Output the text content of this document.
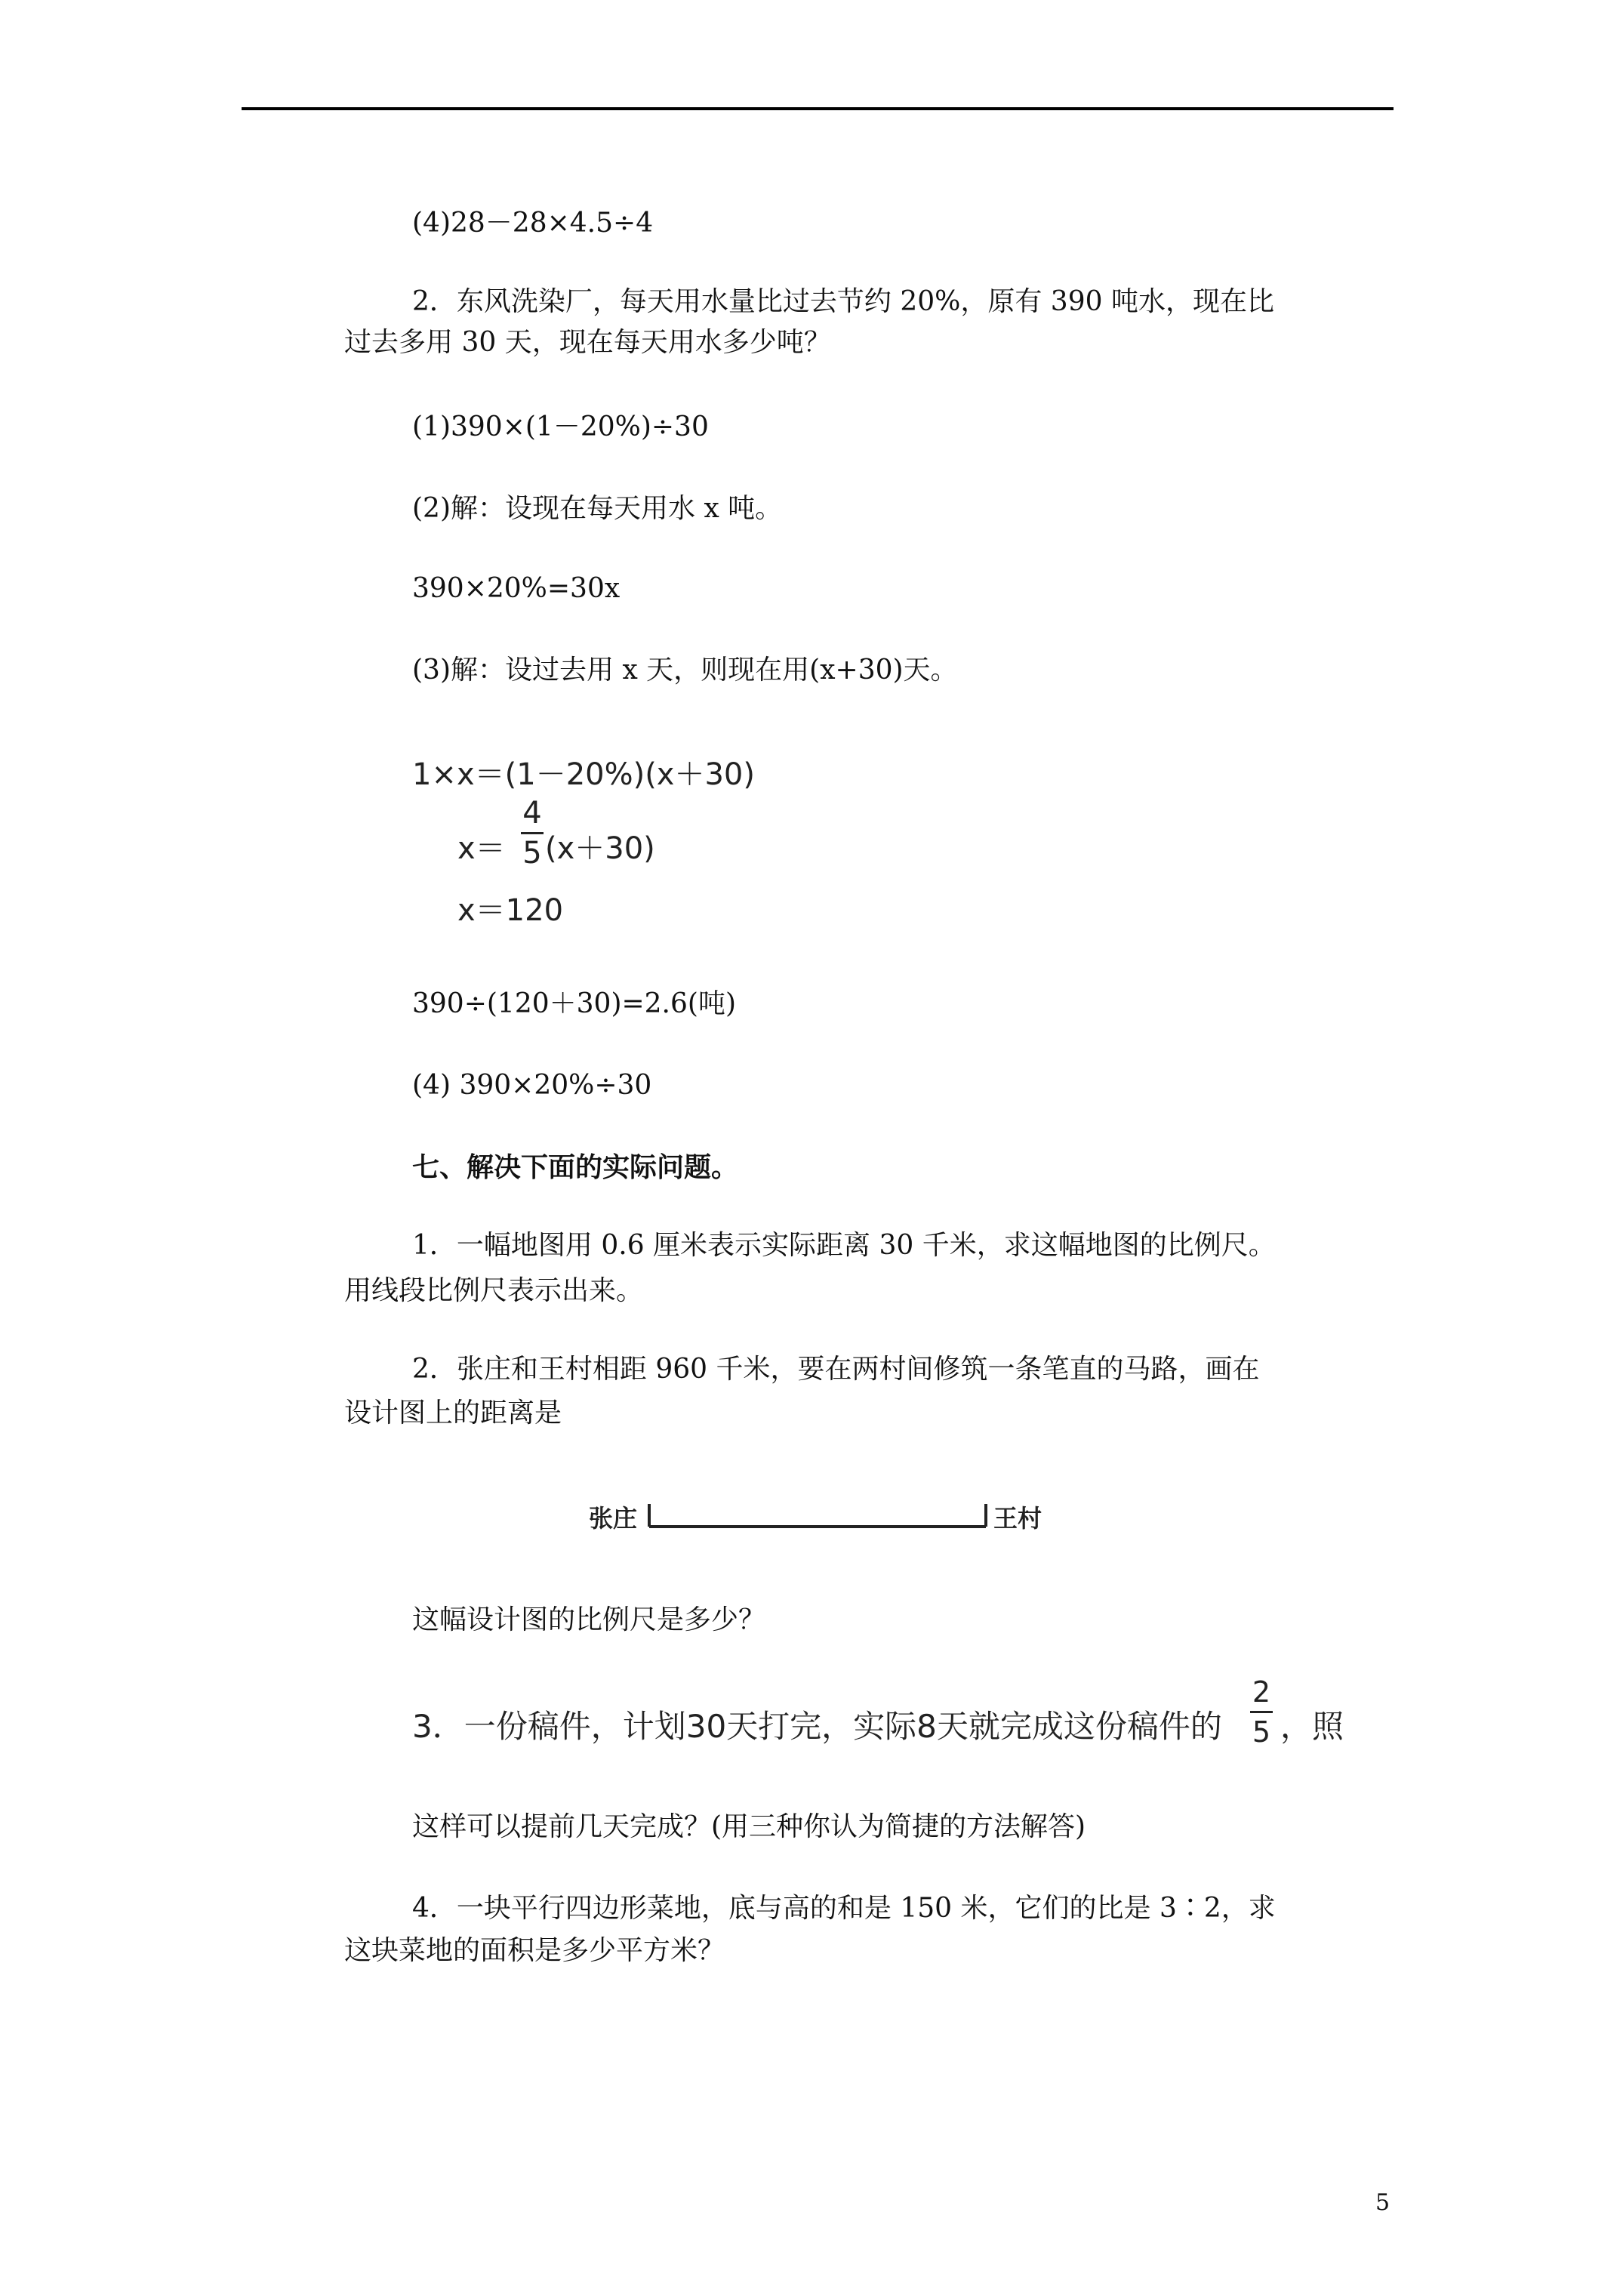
(4)28－28×4.5÷4
2．东风洗染厂，每天用水量比过去节约 20%，原有 390 吨水，现在比
过去多用 30 天，现在每天用水多少吨？
(1)390×(1－20%)÷30
(2)解：设现在每天用水 x 吨。
390×20%=30x
(3)解：设过去用 x 天，则现在用(x+30)天。
1×x＝(1－20%)(x＋30)
x＝
4
5 (x＋30)
x＝120
390÷(120＋30)=2.6(吨)
(4) 390×20%÷30
七、解决下面的实际问题。
1．一幅地图用 0.6 厘米表示实际距离 30 千米，求这幅地图的比例尺。
用线段比例尺表示出来。
2．张庄和王村相距 960 千米，要在两村间修筑一条笔直的马路，画在
设计图上的距离是
张庄	王村
这幅设计图的比例尺是多少？
3．一份稿件，计划30天打完，实际8天就完成这份稿件的
2
5 ，照
这样可以提前几天完成？(用三种你认为简捷的方法解答)
4．一块平行四边形菜地，底与高的和是 150 米，它们的比是 3∶2，求
这块菜地的面积是多少平方米？
5
